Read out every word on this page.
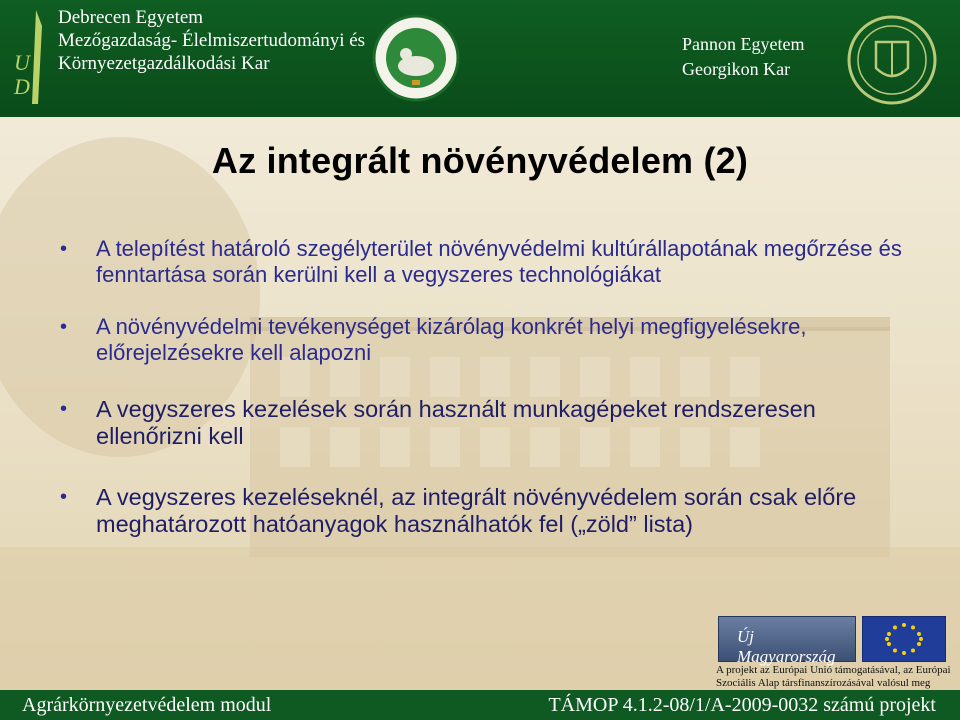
U
D
Debrecen Egyetem
Mezőgazdaság- Élelmiszertudományi és
Környezetgazdálkodási Kar
Pannon Egyetem
Georgikon Kar
Az integrált növényvédelem (2)
• A telepítést határoló szegélyterület növényvédelmi kultúrállapotának megőrzése és fenntartása során kerülni kell a vegyszeres technológiákat
• A növényvédelmi tevékenységet kizárólag konkrét helyi megfigyelésekre, előrejelzésekre kell alapozni
• A vegyszeres kezelések során használt munkagépeket rendszeresen ellenőrizni kell
• A vegyszeres kezeléseknél, az integrált növényvédelem során csak előre meghatározott hatóanyagok használhatók fel („zöld” lista)
Új Magyarország
A projekt az Európai Unió támogatásával, az Európai Szociális Alap társfinanszírozásával valósul meg
Agrárkörnyezetvédelem modul	TÁMOP 4.1.2-08/1/A-2009-0032 számú projekt
